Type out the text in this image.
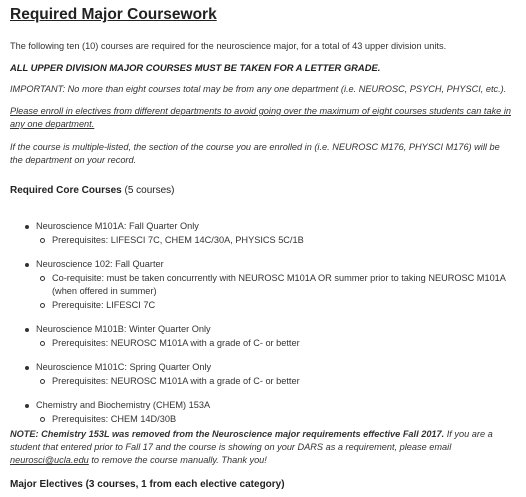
Required Major Coursework

The following ten (10) courses are required for the neuroscience major, for a total of 43 upper division units.

ALL UPPER DIVISION MAJOR COURSES MUST BE TAKEN FOR A LETTER GRADE.

IMPORTANT: No more than eight courses total may be from any one department (i.e. NEUROSC, PSYCH, PHYSCI, etc.).

Please enroll in electives from different departments to avoid going over the maximum of eight courses students can take in any one department.

If the course is multiple-listed, the section of the course you are enrolled in (i.e. NEUROSC M176, PHYSCI M176) will be the department on your record.

Required Core Courses (5 courses)
Neuroscience M101A: Fall Quarter Only
Prerequisites: LIFESCI 7C, CHEM 14C/30A, PHYSICS 5C/1B
Neuroscience 102: Fall Quarter
Co-requisite: must be taken concurrently with NEUROSC M101A OR summer prior to taking NEUROSC M101A (when offered in summer)
Prerequisite: LIFESCI 7C
Neuroscience M101B: Winter Quarter Only
Prerequisites: NEUROSC M101A with a grade of C- or better
Neuroscience M101C: Spring Quarter Only
Prerequisites: NEUROSC M101A with a grade of C- or better
Chemistry and Biochemistry (CHEM) 153A
Prerequisites: CHEM 14D/30B

NOTE: Chemistry 153L was removed from the Neuroscience major requirements effective Fall 2017. If you are a student that entered prior to Fall 17 and the course is showing on your DARS as a requirement, please email neurosci@ucla.edu to remove the course manually. Thank you!

Major Electives (3 courses, 1 from each elective category)
